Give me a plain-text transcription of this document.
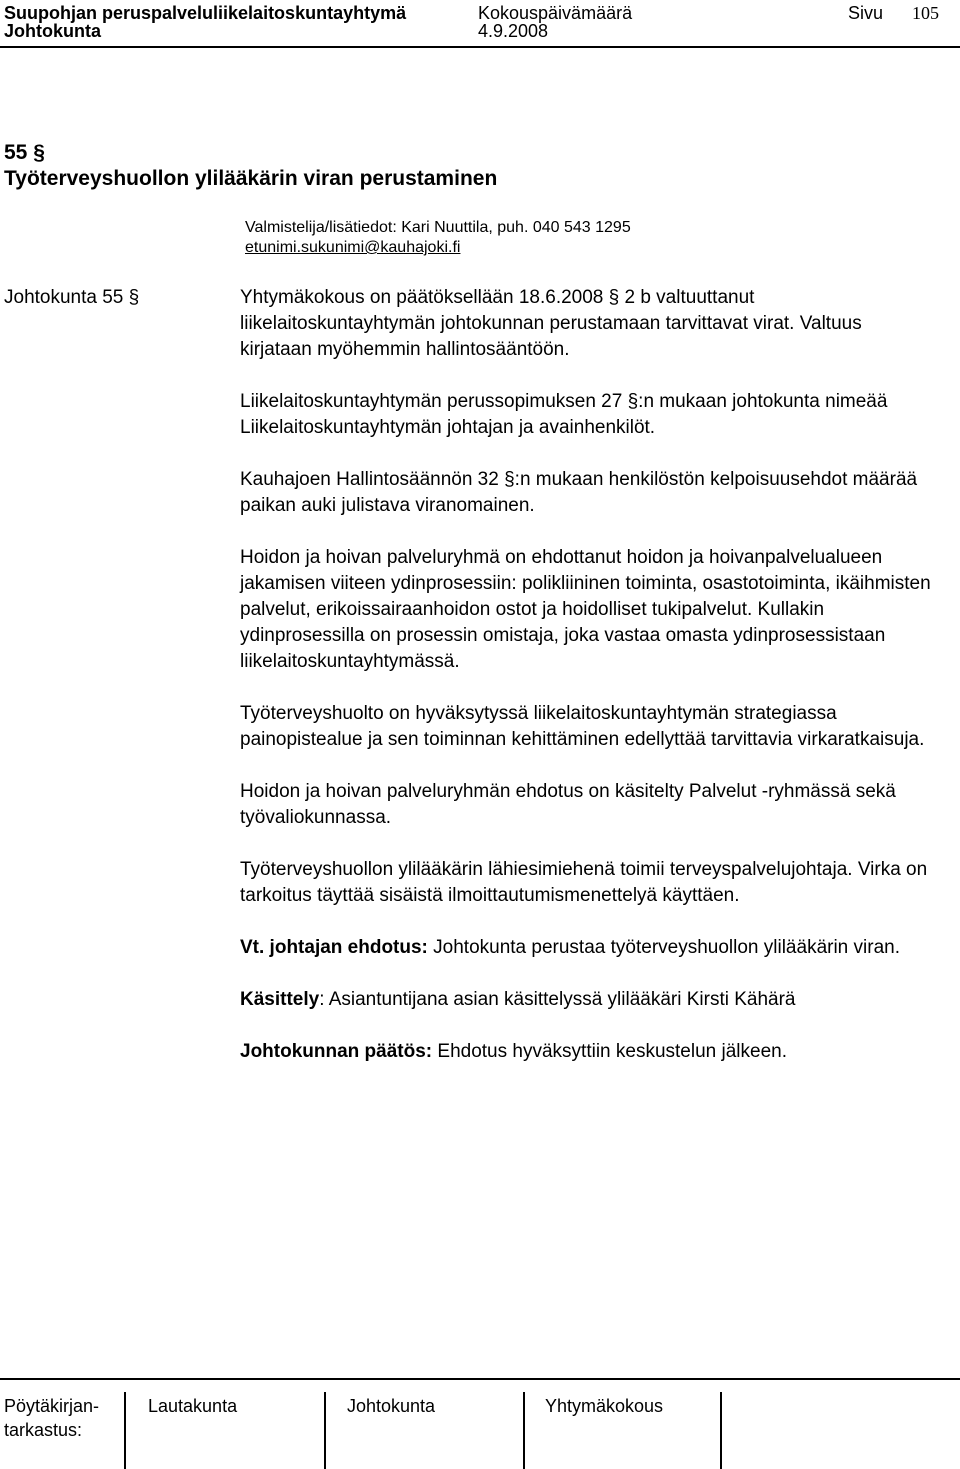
Suupohjan peruspalveluliikelaitoskuntayhtymä	Kokouspäivämäärä	Sivu 105
Johtokunta	4.9.2008
55 §
Työterveyshuollon ylilääkärin viran perustaminen
Valmistelija/lisätiedot: Kari Nuuttila, puh. 040 543 1295
etunimi.sukunimi@kauhajoki.fi
Johtokunta 55 §	Yhtymäkokous on päätöksellään 18.6.2008 § 2 b valtuuttanut liikelaitoskuntayhtymän johtokunnan perustamaan tarvittavat virat. Valtuus kirjataan myöhemmin hallintosääntöön.

Liikelaitoskuntayhtymän perussopimuksen 27 §:n mukaan johtokunta nimeää Liikelaitoskuntayhtymän johtajan ja avainhenkilöt.

Kauhajoen Hallintosäännön 32 §:n mukaan henkilöstön kelpoisuusehdot määrää paikan auki julistava viranomainen.

Hoidon ja hoivan palveluryhmä on ehdottanut hoidon ja hoivanpalvelualueen jakamisen viiteen ydinprosessiin: polikliininen toiminta, osastotoiminta, ikäihmisten palvelut, erikoissairaanhoidon ostot ja hoidolliset tukipalvelut. Kullakin ydinprosessilla on prosessin omistaja, joka vastaa omasta ydinprosessistaan liikelaitoskuntayhtymässä.

Työterveyshuolto on hyväksytyssä liikelaitoskuntayhtymän strategiassa painopistealue ja sen toiminnan kehittäminen edellyttää tarvittavia virkaratkaisuja.

Hoidon ja hoivan palveluryhmän ehdotus on käsitelty Palvelut -ryhmässä sekä työvaliokunnassa.

Työterveyshuollon ylilääkärin lähiesimiehenä toimii terveyspalvelujohtaja. Virka on tarkoitus täyttää sisäistä ilmoittautumismenettelyä käyttäen.

Vt. johtajan ehdotus: Johtokunta perustaa työterveyshuollon ylilääkärin viran.

Käsittely: Asiantuntijana asian käsittelyssä ylilääkäri Kirsti Kähärä

Johtokunnan päätös: Ehdotus hyväksyttiin keskustelun jälkeen.

Pöytäkirjan-
tarkastus:
Lautakunta	Johtokunta	Yhtymäkokous
